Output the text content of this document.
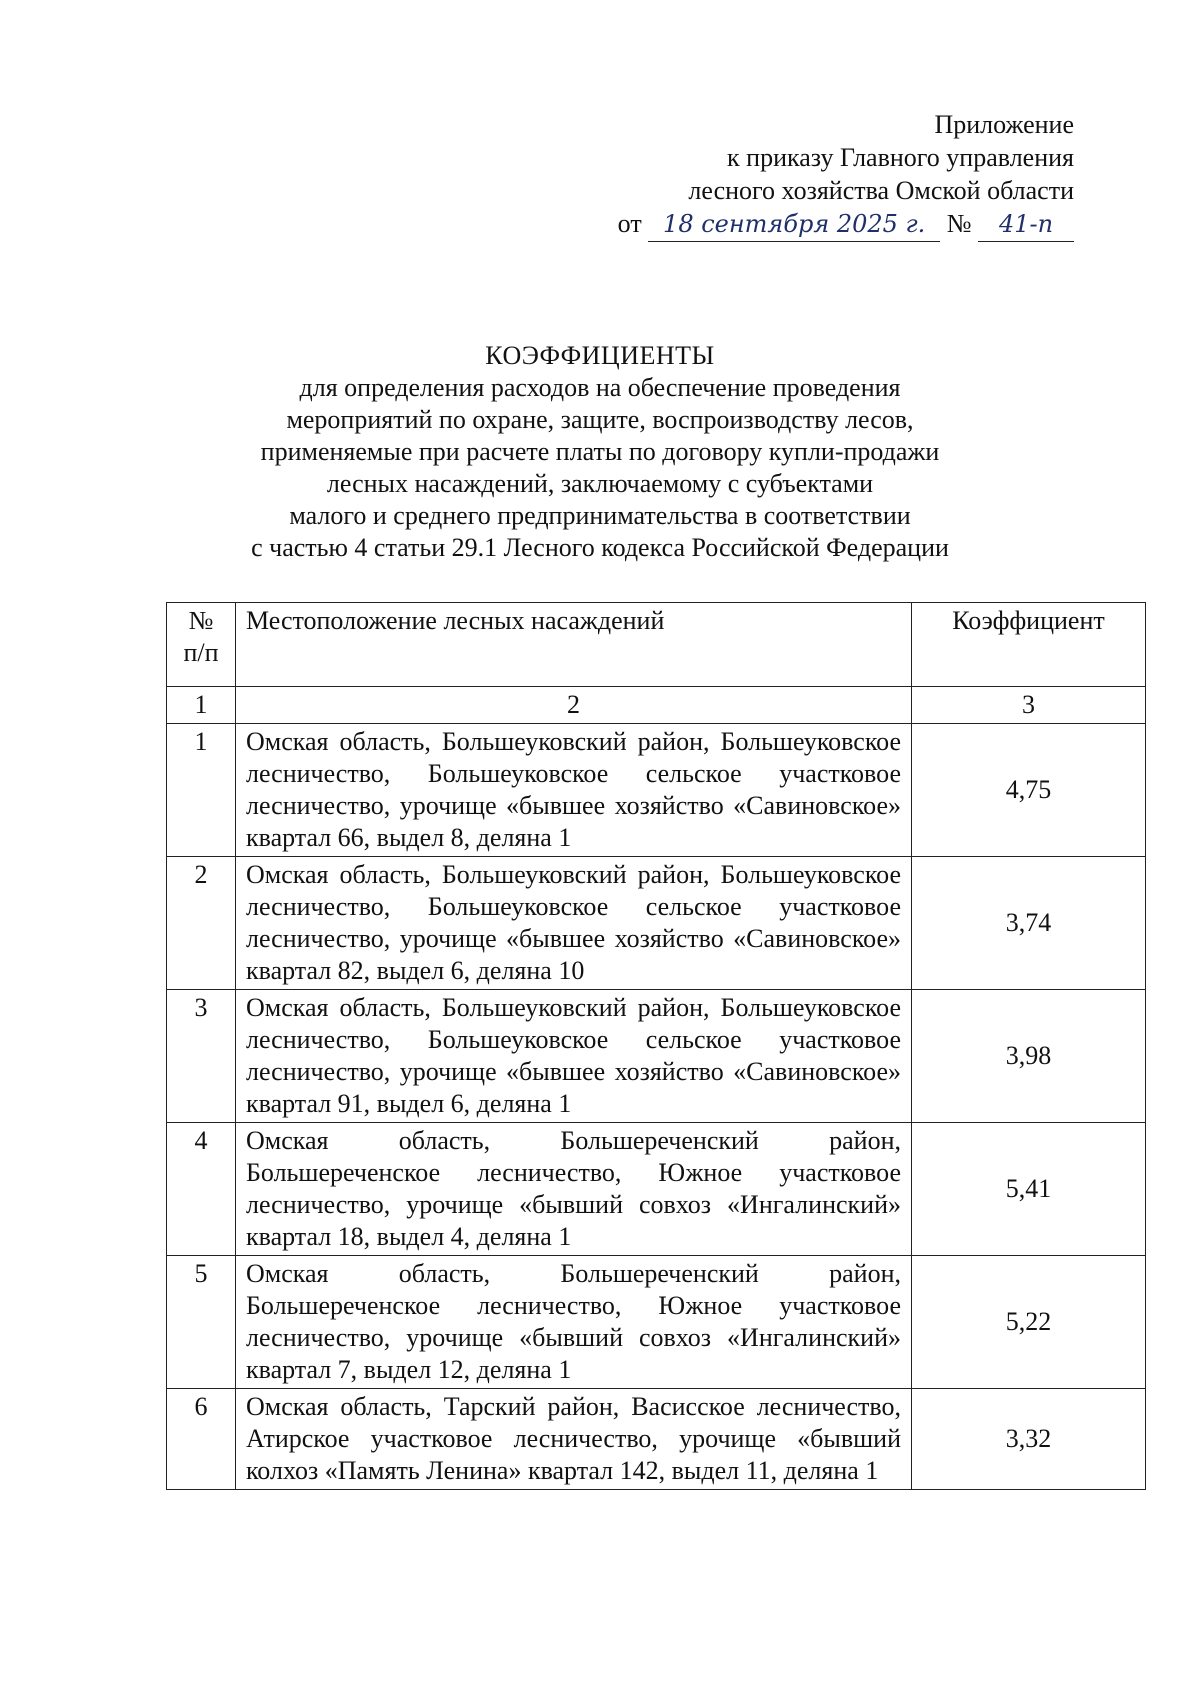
Приложение
к приказу Главного управления
лесного хозяйства Омской области
от 18 сентября 2025 г. № 41-п
КОЭФФИЦИЕНТЫ
для определения расходов на обеспечение проведения
мероприятий по охране, защите, воспроизводству лесов,
применяемые при расчете платы по договору купли-продажи
лесных насаждений, заключаемому с субъектами
малого и среднего предпринимательства в соответствии
с частью 4 статьи 29.1 Лесного кодекса Российской Федерации
№ п/п	Местоположение лесных насаждений	Коэффициент
1	2	3
1	Омская область, Большеуковский район, Большеуковское лесничество, Большеуковское сельское участковое лесничество, урочище «бывшее хозяйство «Савиновское» квартал 66, выдел 8, деляна 1	4,75
2	Омская область, Большеуковский район, Большеуковское лесничество, Большеуковское сельское участковое лесничество, урочище «бывшее хозяйство «Савиновское» квартал 82, выдел 6, деляна 10	3,74
3	Омская область, Большеуковский район, Большеуковское лесничество, Большеуковское сельское участковое лесничество, урочище «бывшее хозяйство «Савиновское» квартал 91, выдел 6, деляна 1	3,98
4	Омская область, Большереченский район, Большереченское лесничество, Южное участковое лесничество, урочище «бывший совхоз «Ингалинский» квартал 18, выдел 4, деляна 1	5,41
5	Омская область, Большереченский район, Большереченское лесничество, Южное участковое лесничество, урочище «бывший совхоз «Ингалинский» квартал 7, выдел 12, деляна 1	5,22
6	Омская область, Тарский район, Васисское лесничество, Атирское участковое лесничество, урочище «бывший колхоз «Память Ленина» квартал 142, выдел 11, деляна 1	3,32
